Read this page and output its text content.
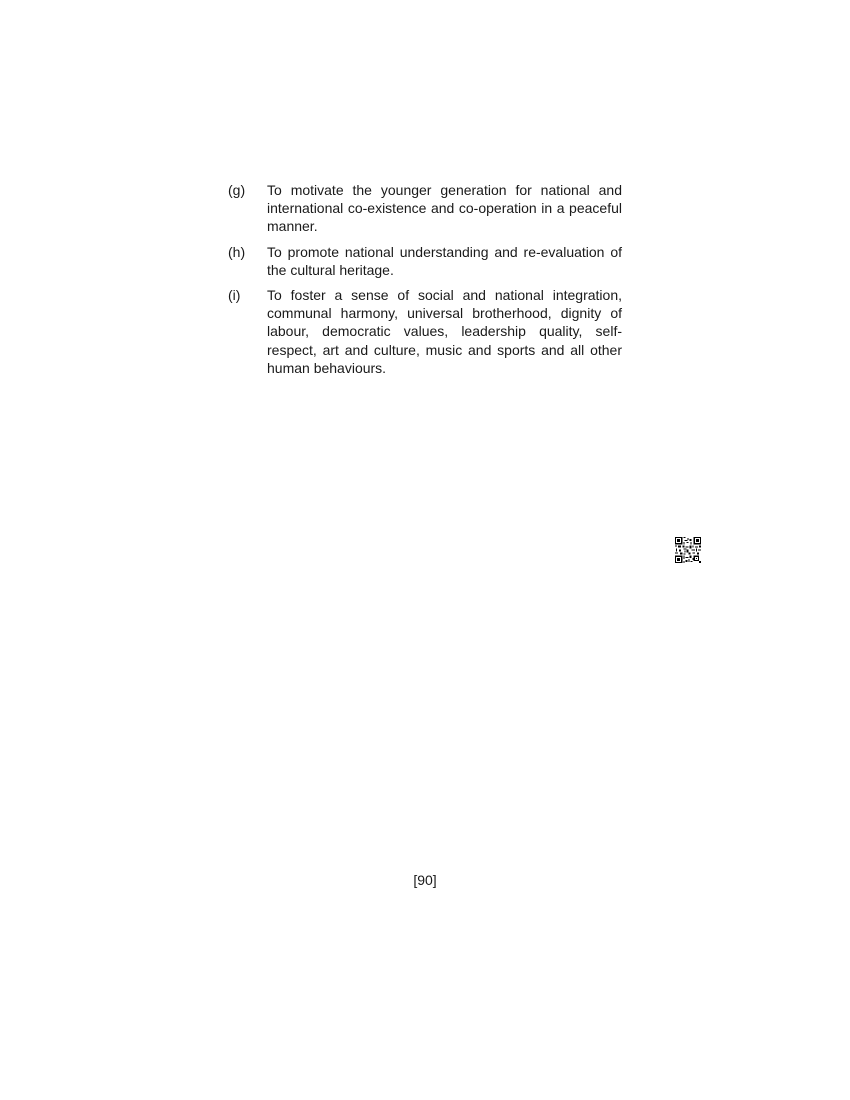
(g)	To motivate the younger generation for national and international co-existence and co-operation in a peaceful manner.
(h)	To promote national understanding and re-evaluation of the cultural heritage.
(i)	To foster a sense of social and national integration, communal harmony, universal brotherhood, dignity of labour, democratic values, leadership quality, self-respect, art and culture, music and sports and all other human behaviours.
[90]
